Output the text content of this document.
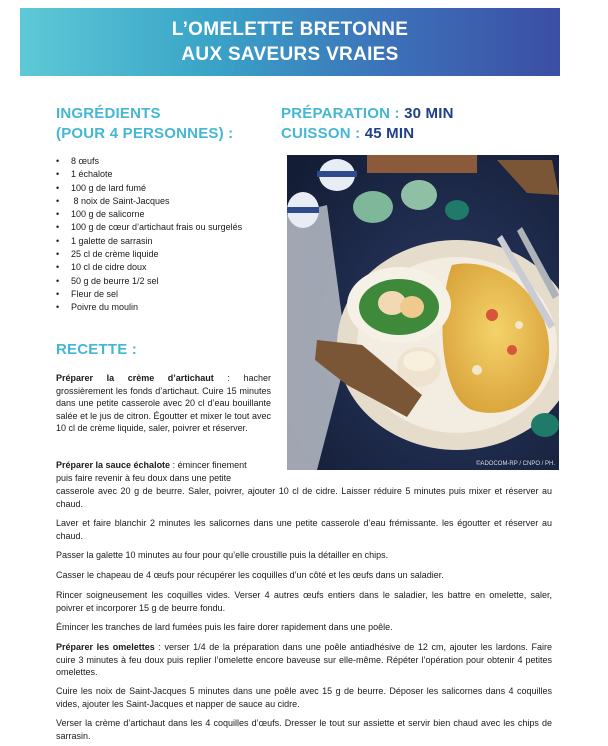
L’OMELETTE BRETONNE
AUX SAVEURS VRAIES
INGRÉDIENTS
(POUR 4 PERSONNES) :
PRÉPARATION : 30 MIN
CUISSON : 45 MIN
• 8 œufs
• 1 échalote
• 100 g de lard fumé
• 8 noix de Saint-Jacques
• 100 g de salicorne
• 100 g de cœur d’artichaut frais ou surgelés
• 1 galette de sarrasin
• 25 cl de crème liquide
• 10 cl de cidre doux
• 50 g de beurre 1/2 sel
• Fleur de sel
• Poivre du moulin
©ADOCOM-RP / CNPO / PH.
RECETTE :
Préparer la crème d’artichaut : hacher grossièrement les fonds d’artichaut. Cuire 15 minutes dans une petite casserole avec 20 cl d’eau bouillante salée et le jus de citron. Égoutter et mixer le tout avec 10 cl de crème liquide, saler, poivrer et réserver.
Préparer la sauce échalote : émincer finement
puis faire revenir à feu doux dans une petite
casserole avec 20 g de beurre. Saler, poivrer, ajouter 10 cl de cidre. Laisser réduire 5 minutes puis mixer et réserver au chaud.
Laver et faire blanchir 2 minutes les salicornes dans une petite casserole d’eau frémissante. les égoutter et réserver au chaud.
Passer la galette 10 minutes au four pour qu’elle croustille puis la détailler en chips.
Casser le chapeau de 4 œufs pour récupérer les coquilles d’un côté et les œufs dans un saladier.
Rincer soigneusement les coquilles vides. Verser 4 autres œufs entiers dans le saladier, les battre en omelette, saler, poivrer et incorporer 15 g de beurre fondu.
Émincer les tranches de lard fumées puis les faire dorer rapidement dans une poêle.
Préparer les omelettes : verser 1/4 de la préparation dans une poêle antiadhésive de 12 cm, ajouter les lardons. Faire cuire 3 minutes à feu doux puis replier l’omelette encore baveuse sur elle-même. Répéter l’opération pour obtenir 4 petites omelettes.
Cuire les noix de Saint-Jacques 5 minutes dans une poêle avec 15 g de beurre. Déposer les salicornes dans 4 coquilles vides, ajouter les Saint-Jacques et napper de sauce au cidre.
Verser la crème d’artichaut dans les 4 coquilles d’œufs. Dresser le tout sur assiette et servir bien chaud avec les chips de sarrasin.
